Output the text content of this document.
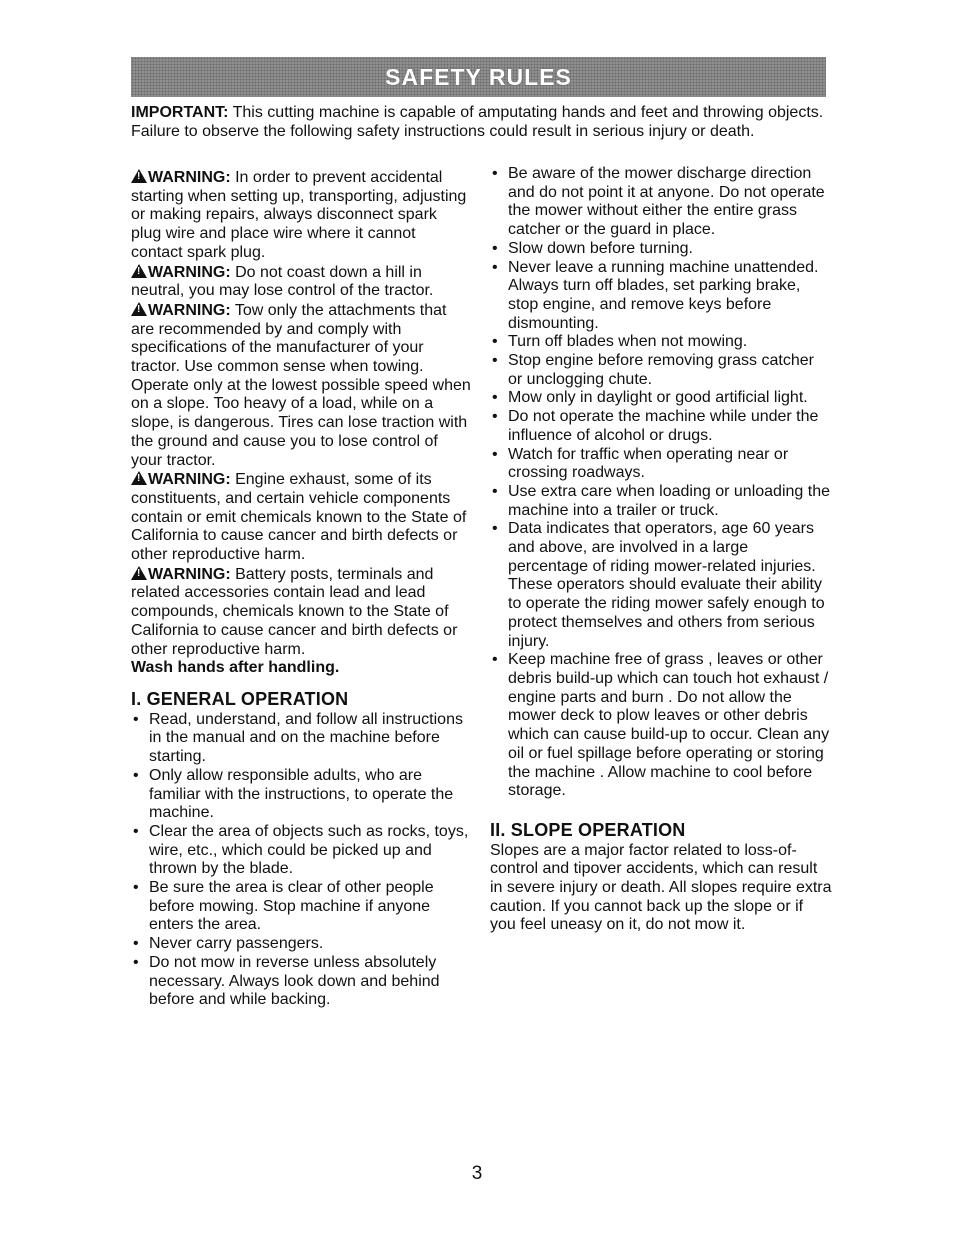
SAFETY RULES

IMPORTANT: This cutting machine is capable of amputating hands and feet and throwing objects. Failure to observe the following safety instructions could result in serious injury or death.

!WARNING: In order to prevent accidental starting when setting up, transporting, adjusting or making repairs, always disconnect spark plug wire and place wire where it cannot contact spark plug.

!WARNING: Do not coast down a hill in neutral, you may lose control of the tractor.

!WARNING: Tow only the attachments that are recommended by and comply with specifications of the manufacturer of your tractor. Use common sense when towing. Operate only at the lowest possible speed when on a slope. Too heavy of a load, while on a slope, is dangerous. Tires can lose traction with the ground and cause you to lose control of your tractor.

!WARNING: Engine exhaust, some of its constituents, and certain vehicle components contain or emit chemicals known to the State of California to cause cancer and birth defects or other reproductive harm.

!WARNING: Battery posts, terminals and related accessories contain lead and lead compounds, chemicals known to the State of California to cause cancer and birth defects or other reproductive harm.

Wash hands after handling.

I. GENERAL OPERATION
• Read, understand, and follow all instructions in the manual and on the machine before starting.
• Only allow responsible adults, who are familiar with the instructions, to operate the machine.
• Clear the area of objects such as rocks, toys, wire, etc., which could be picked up and thrown by the blade.
• Be sure the area is clear of other people before mowing. Stop machine if anyone enters the area.
• Never carry passengers.
• Do not mow in reverse unless absolutely necessary. Always look down and behind before and while backing.
• Be aware of the mower discharge direction and do not point it at anyone. Do not operate the mower without either the entire grass catcher or the guard in place.
• Slow down before turning.
• Never leave a running machine unattended. Always turn off blades, set parking brake, stop engine, and remove keys before dismounting.
• Turn off blades when not mowing.
• Stop engine before removing grass catcher or unclogging chute.
• Mow only in daylight or good artificial light.
• Do not operate the machine while under the influence of alcohol or drugs.
• Watch for traffic when operating near or crossing roadways.
• Use extra care when loading or unloading the machine into a trailer or truck.
• Data indicates that operators, age 60 years and above, are involved in a large percentage of riding mower-related injuries. These operators should evaluate their ability to operate the riding mower safely enough to protect themselves and others from serious injury.
• Keep machine free of grass , leaves or other debris build-up which can touch hot exhaust / engine parts and burn . Do not allow the mower deck to plow leaves or other debris which can cause build-up to occur. Clean any oil or fuel spillage before operating or storing the machine . Allow machine to cool before storage.
II. SLOPE OPERATION

Slopes are a major factor related to loss-of-control and tipover accidents, which can result in severe injury or death. All slopes require extra caution. If you cannot back up the slope or if you feel uneasy on it, do not mow it.

3
